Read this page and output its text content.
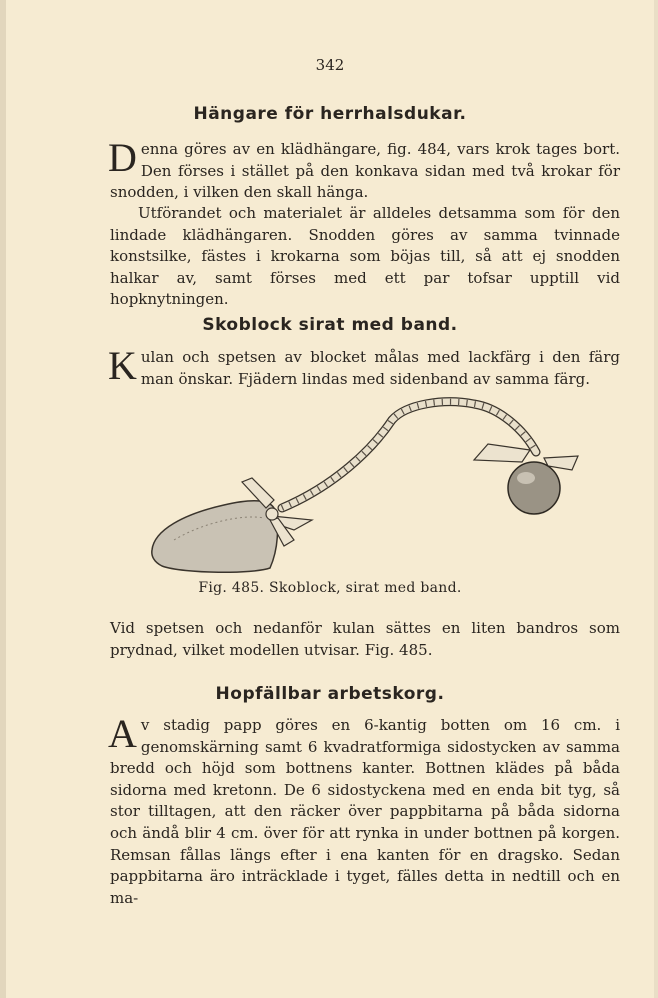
342
Hängare för herrhalsdukar.
Denna göres av en klädhängare, fig. 484, vars krok tages bort. Den förses i stället på den konkava sidan med två krokar för snodden, i vilken den skall hänga.
Utförandet och materialet är alldeles detsamma som för den lindade klädhängaren. Snodden göres av samma tvinnade konstsilke, fästes i krokarna som böjas till, så att ej snodden halkar av, samt förses med ett par tofsar upptill vid hopknytningen.
Skoblock sirat med band.
Kulan och spetsen av blocket målas med lackfärg i den färg man önskar. Fjädern lindas med sidenband av samma färg.
Fig. 485. Skoblock, sirat med band.
Vid spetsen och nedanför kulan sättes en liten bandros som prydnad, vilket modellen utvisar. Fig. 485.
Hopfällbar arbetskorg.
Av stadig papp göres en 6-kantig botten om 16 cm. i genomskärning samt 6 kvadratformiga sidostycken av samma bredd och höjd som bottnens kanter. Bottnen klädes på båda sidorna med kretonn. De 6 sidostyckena med en enda bit tyg, så stor tilltagen, att den räcker över pappbitarna på båda sidorna och ändå blir 4 cm. över för att rynka in under bottnen på korgen. Remsan fållas längs efter i ena kanten för en dragsko. Sedan pappbitarna äro inträcklade i tyget, fälles detta in nedtill och en ma-
